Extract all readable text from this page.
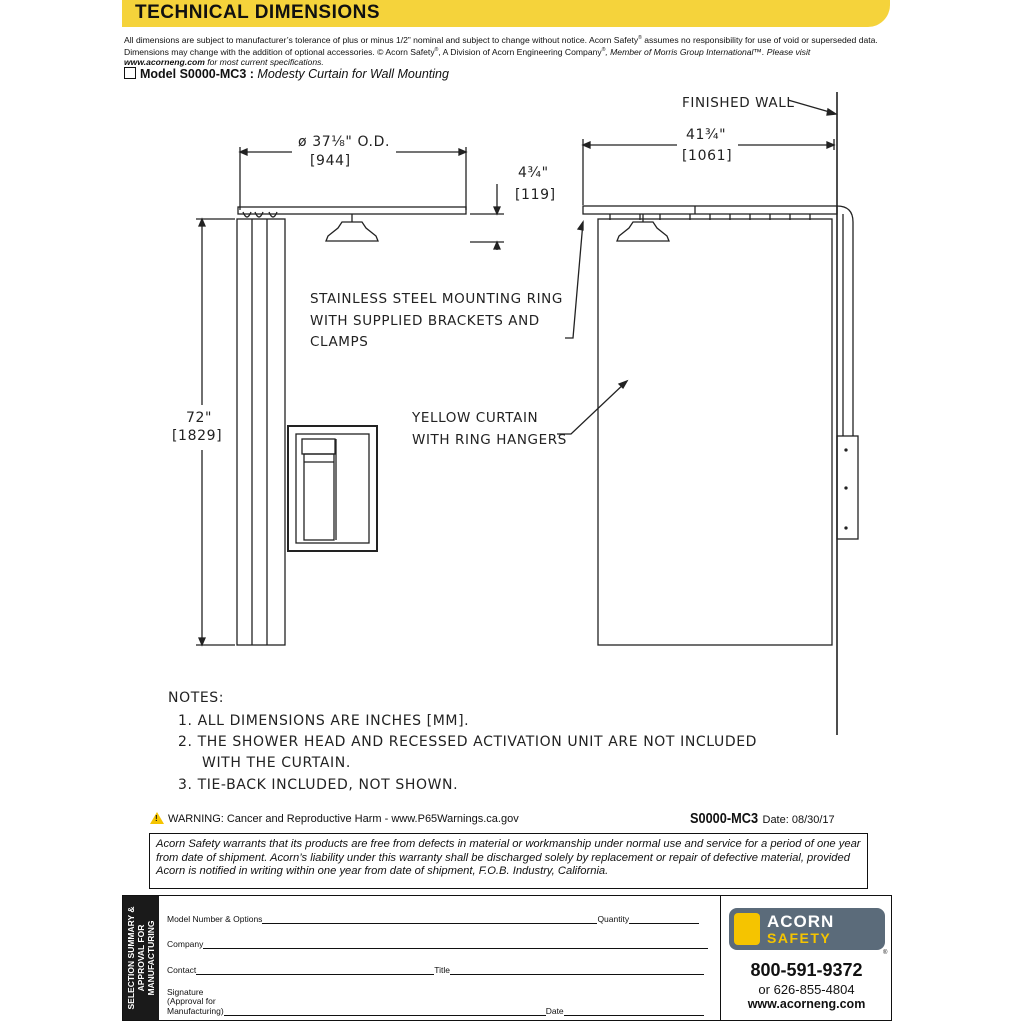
TECHNICAL DIMENSIONS
All dimensions are subject to manufacturer’s tolerance of plus or minus 1/2” nominal and subject to change without notice. Acorn Safety® assumes no responsibility for use of void or superseded data. Dimensions may change with the addition of optional accessories. © Acorn Safety®, A Division of Acorn Engineering Company®, Member of Morris Group International™. Please visit
www.acorneng.com for most current specifications.
Model S0000-MC3 : Modesty Curtain for Wall Mounting
FINISHED WALL
ø 37⅛" O.D.
[944]
4¾"
[119]
41¾"
[1061]
72"
[1829]
STAINLESS STEEL MOUNTING RING
WITH SUPPLIED BRACKETS AND
CLAMPS
YELLOW CURTAIN
WITH RING HANGERS
NOTES:
1. ALL DIMENSIONS ARE INCHES [MM].
2. THE SHOWER HEAD AND RECESSED ACTIVATION UNIT ARE NOT INCLUDED
WITH THE CURTAIN.
3. TIE-BACK INCLUDED, NOT SHOWN.
! WARNING: Cancer and Reproductive Harm - www.P65Warnings.ca.gov	S0000-MC3 Date: 08/30/17
Acorn Safety warrants that its products are free from defects in material or workmanship under normal use and service for a period of one year from date of shipment. Acorn’s liability under this warranty shall be discharged solely by replacement or repair of defective material, provided Acorn is notified in writing within one year from date of shipment, F.O.B. Industry, California.
SELECTION SUMMARY & APPROVAL FOR MANUFACTURING
Model Number & Options	Quantity
Company
Contact	Title
Signature
(Approval for
Manufacturing)	Date
ACORN
SAFETY
®
800-591-9372
or 626-855-4804
www.acorneng.com
